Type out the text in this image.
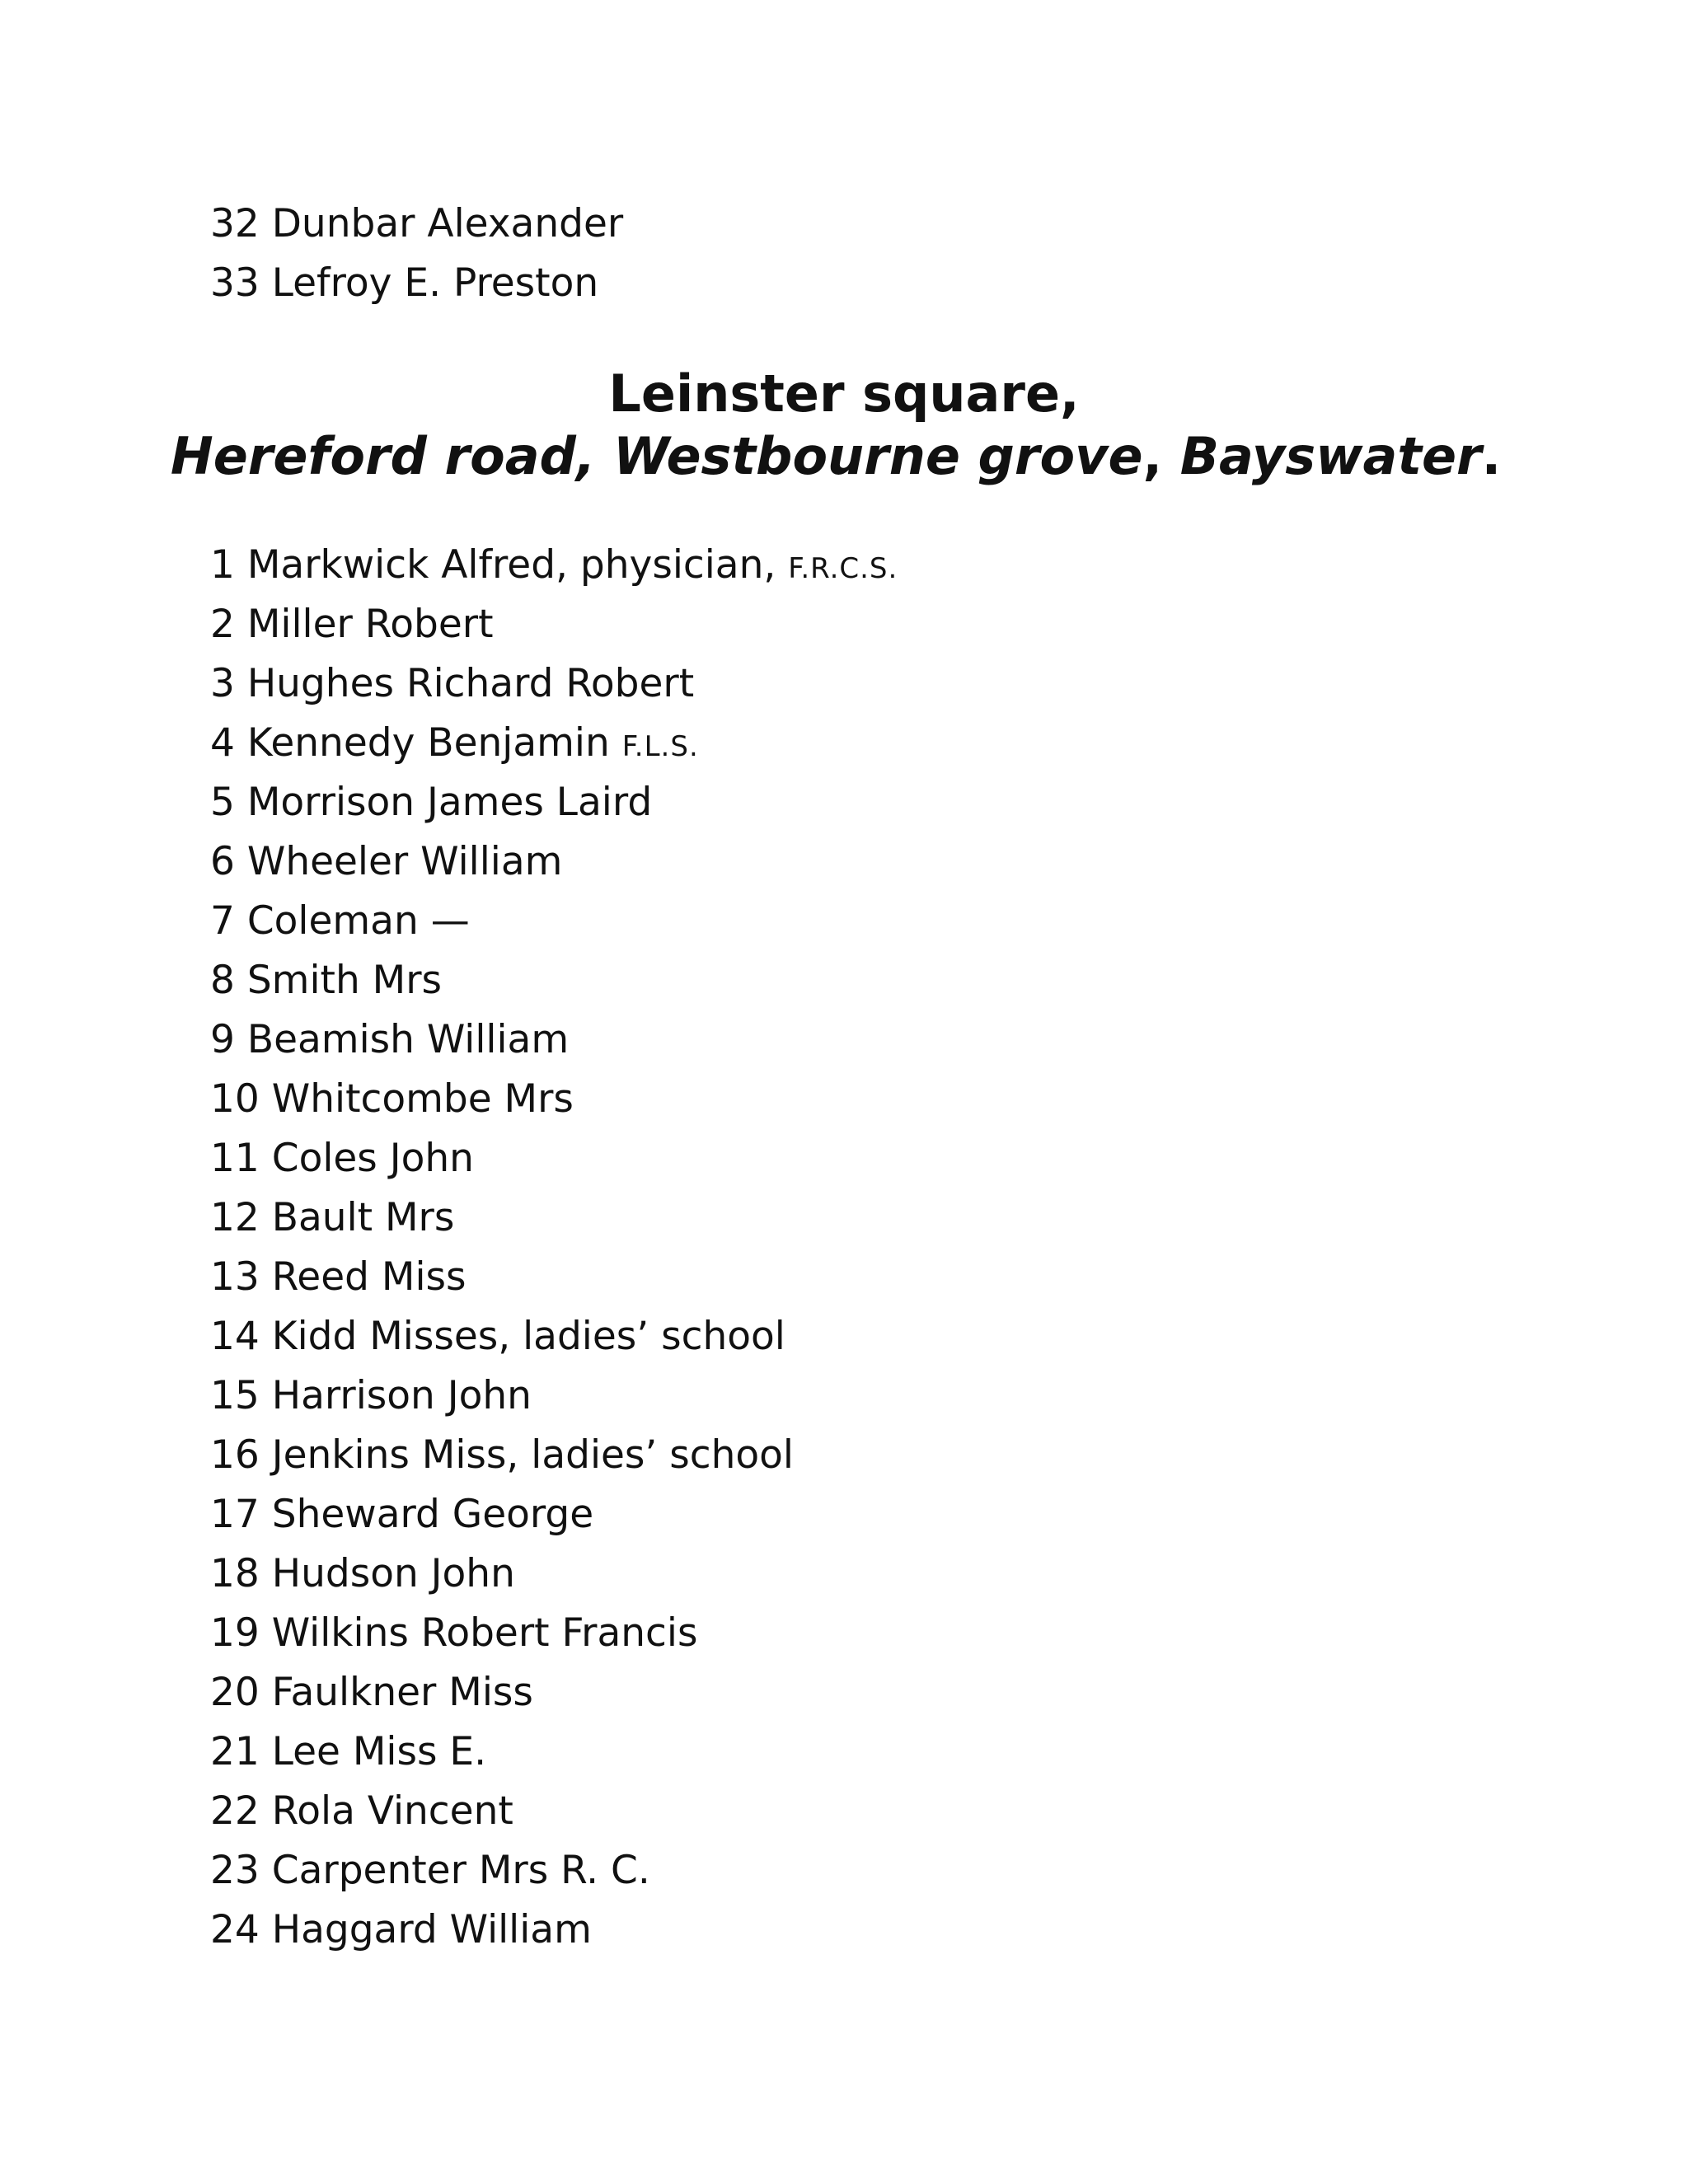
32 Dunbar Alexander
33 Lefroy E. Preston
Leinster square,
Hereford road, Westbourne grove, Bayswater.
1 Markwick Alfred, physician, F.R.C.S.
2 Miller Robert
3 Hughes Richard Robert
4 Kennedy Benjamin F.L.S.
5 Morrison James Laird
6 Wheeler William
7 Coleman —
8 Smith Mrs
9 Beamish William
10 Whitcombe Mrs
11 Coles John
12 Bault Mrs
13 Reed Miss
14 Kidd Misses, ladies’ school
15 Harrison John
16 Jenkins Miss, ladies’ school
17 Sheward George
18 Hudson John
19 Wilkins Robert Francis
20 Faulkner Miss
21 Lee Miss E.
22 Rola Vincent
23 Carpenter Mrs R. C.
24 Haggard William
